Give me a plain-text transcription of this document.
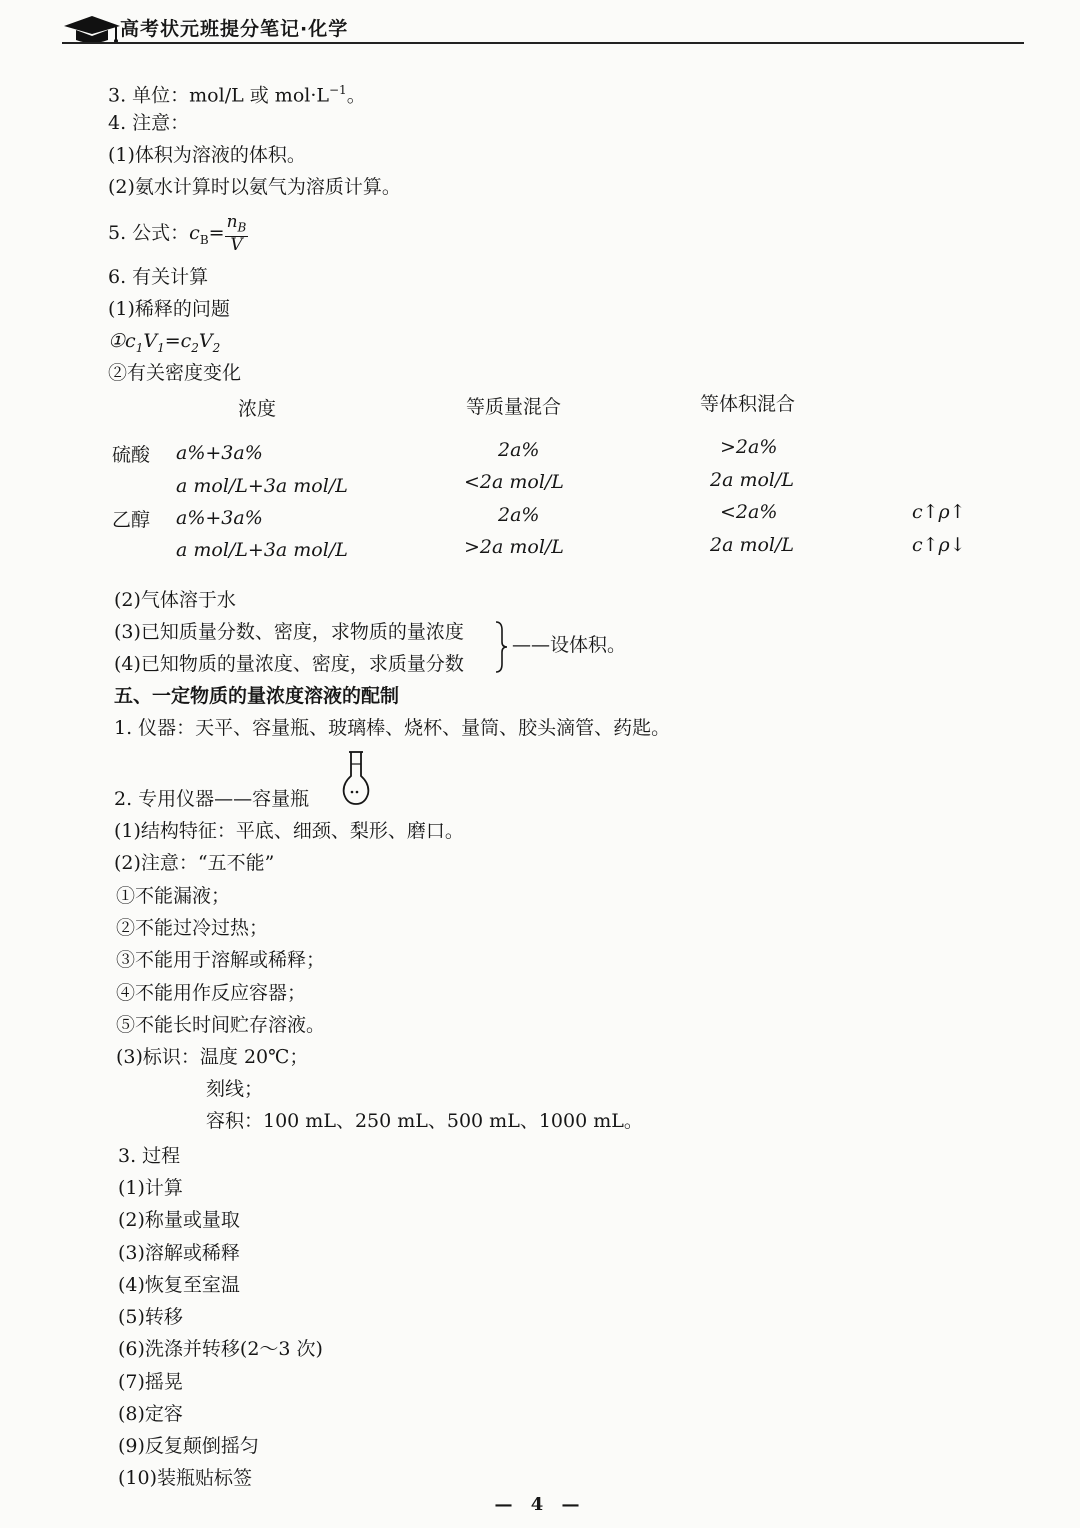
高考状元班提分笔记·化学
3. 单位：mol/L 或 $mol\cdot L^{-1}$。
4. 注意：
(1)体积为溶液的体积。
(2)氨水计算时以氨气为溶质计算。
5. 公式：$c_B= \frac{n_B}{V}$
6. 有关计算
(1)稀释的问题
$①c_1V_1=c_2V_2$
②有关密度变化
浓度	等质量混合	等体积混合
硫酸 a%+3a%	2a%	>2a%
a mol/L+3a mol/L	<2a mol/L	2a mol/L
乙醇 a%+3a%	2a%	<2a%	c↑ρ↑
a mol/L+3a mol/L	>2a mol/L	2a mol/L	c↑ρ↓
(2)气体溶于水
(3)已知质量分数、密度，求物质的量浓度
(4)已知物质的量浓度、密度，求质量分数
——设体积。
五、一定物质的量浓度溶液的配制
1. 仪器：天平、容量瓶、玻璃棒、烧杯、量筒、胶头滴管、药匙。
2. 专用仪器——容量瓶
(1)结构特征：平底、细颈、梨形、磨口。
(2)注意：“五不能”
①不能漏液；
②不能过冷过热；
③不能用于溶解或稀释；
④不能用作反应容器；
⑤不能长时间贮存溶液。
(3)标识：温度 20℃；
刻线；
容积：100 mL、250 mL、500 mL、1000 mL。
3. 过程
(1)计算
(2)称量或量取
(3)溶解或稀释
(4)恢复至室温
(5)转移
(6)洗涤并转移(2～3 次)
(7)摇晃
(8)定容
(9)反复颠倒摇匀
(10)装瓶贴标签
— 4 —
